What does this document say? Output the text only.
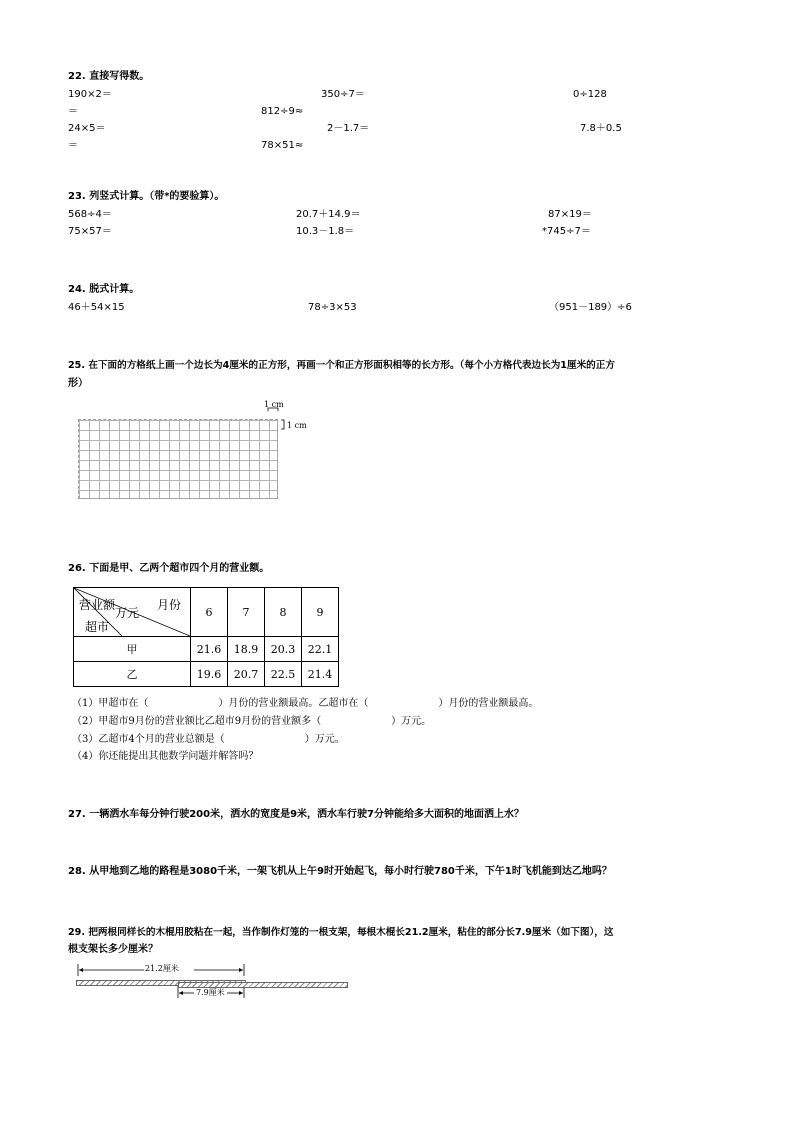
22. 直接写得数。
190×2＝	350÷7＝	0÷128
＝	812÷9≈
24×5＝	2－1.7＝	7.8＋0.5
＝	78×51≈
23. 列竖式计算。（带*的要验算）。
568÷4＝	20.7＋14.9＝	87×19＝
75×57＝	10.3－1.8＝	*745÷7＝
24. 脱式计算。
46＋54×15	78÷3×53	（951－189）÷6
25. 在下面的方格纸上画一个边长为4厘米的正方形，再画一个和正方形面积相等的长方形。（每个小方格代表边长为1厘米的正方
形）
1 cm
1 cm
26. 下面是甲、乙两个超市四个月的营业额。
月份
营业额
万元
超市	6	7	8	9
甲	21.6	18.9	20.3	22.1
乙	19.6	20.7	22.5	21.4
（1）甲超市在（　　　　　　　）月份的营业额最高。乙超市在（　　　　　　　）月份的营业额最高。
（2）甲超市9月份的营业额比乙超市9月份的营业额多（　　　　　　　）万元。
（3）乙超市4个月的营业总额是（　　　　　　　　）万元。
（4）你还能提出其他数学问题并解答吗？
27. 一辆洒水车每分钟行驶200米，洒水的宽度是9米，洒水车行驶7分钟能给多大面积的地面洒上水？
28. 从甲地到乙地的路程是3080千米，一架飞机从上午9时开始起飞，每小时行驶780千米，下午1时飞机能到达乙地吗？
29. 把两根同样长的木棍用胶粘在一起，当作制作灯笼的一根支架，每根木棍长21.2厘米，粘住的部分长7.9厘米（如下图），这
根支架长多少厘米？
21.2厘米
7.9厘米
